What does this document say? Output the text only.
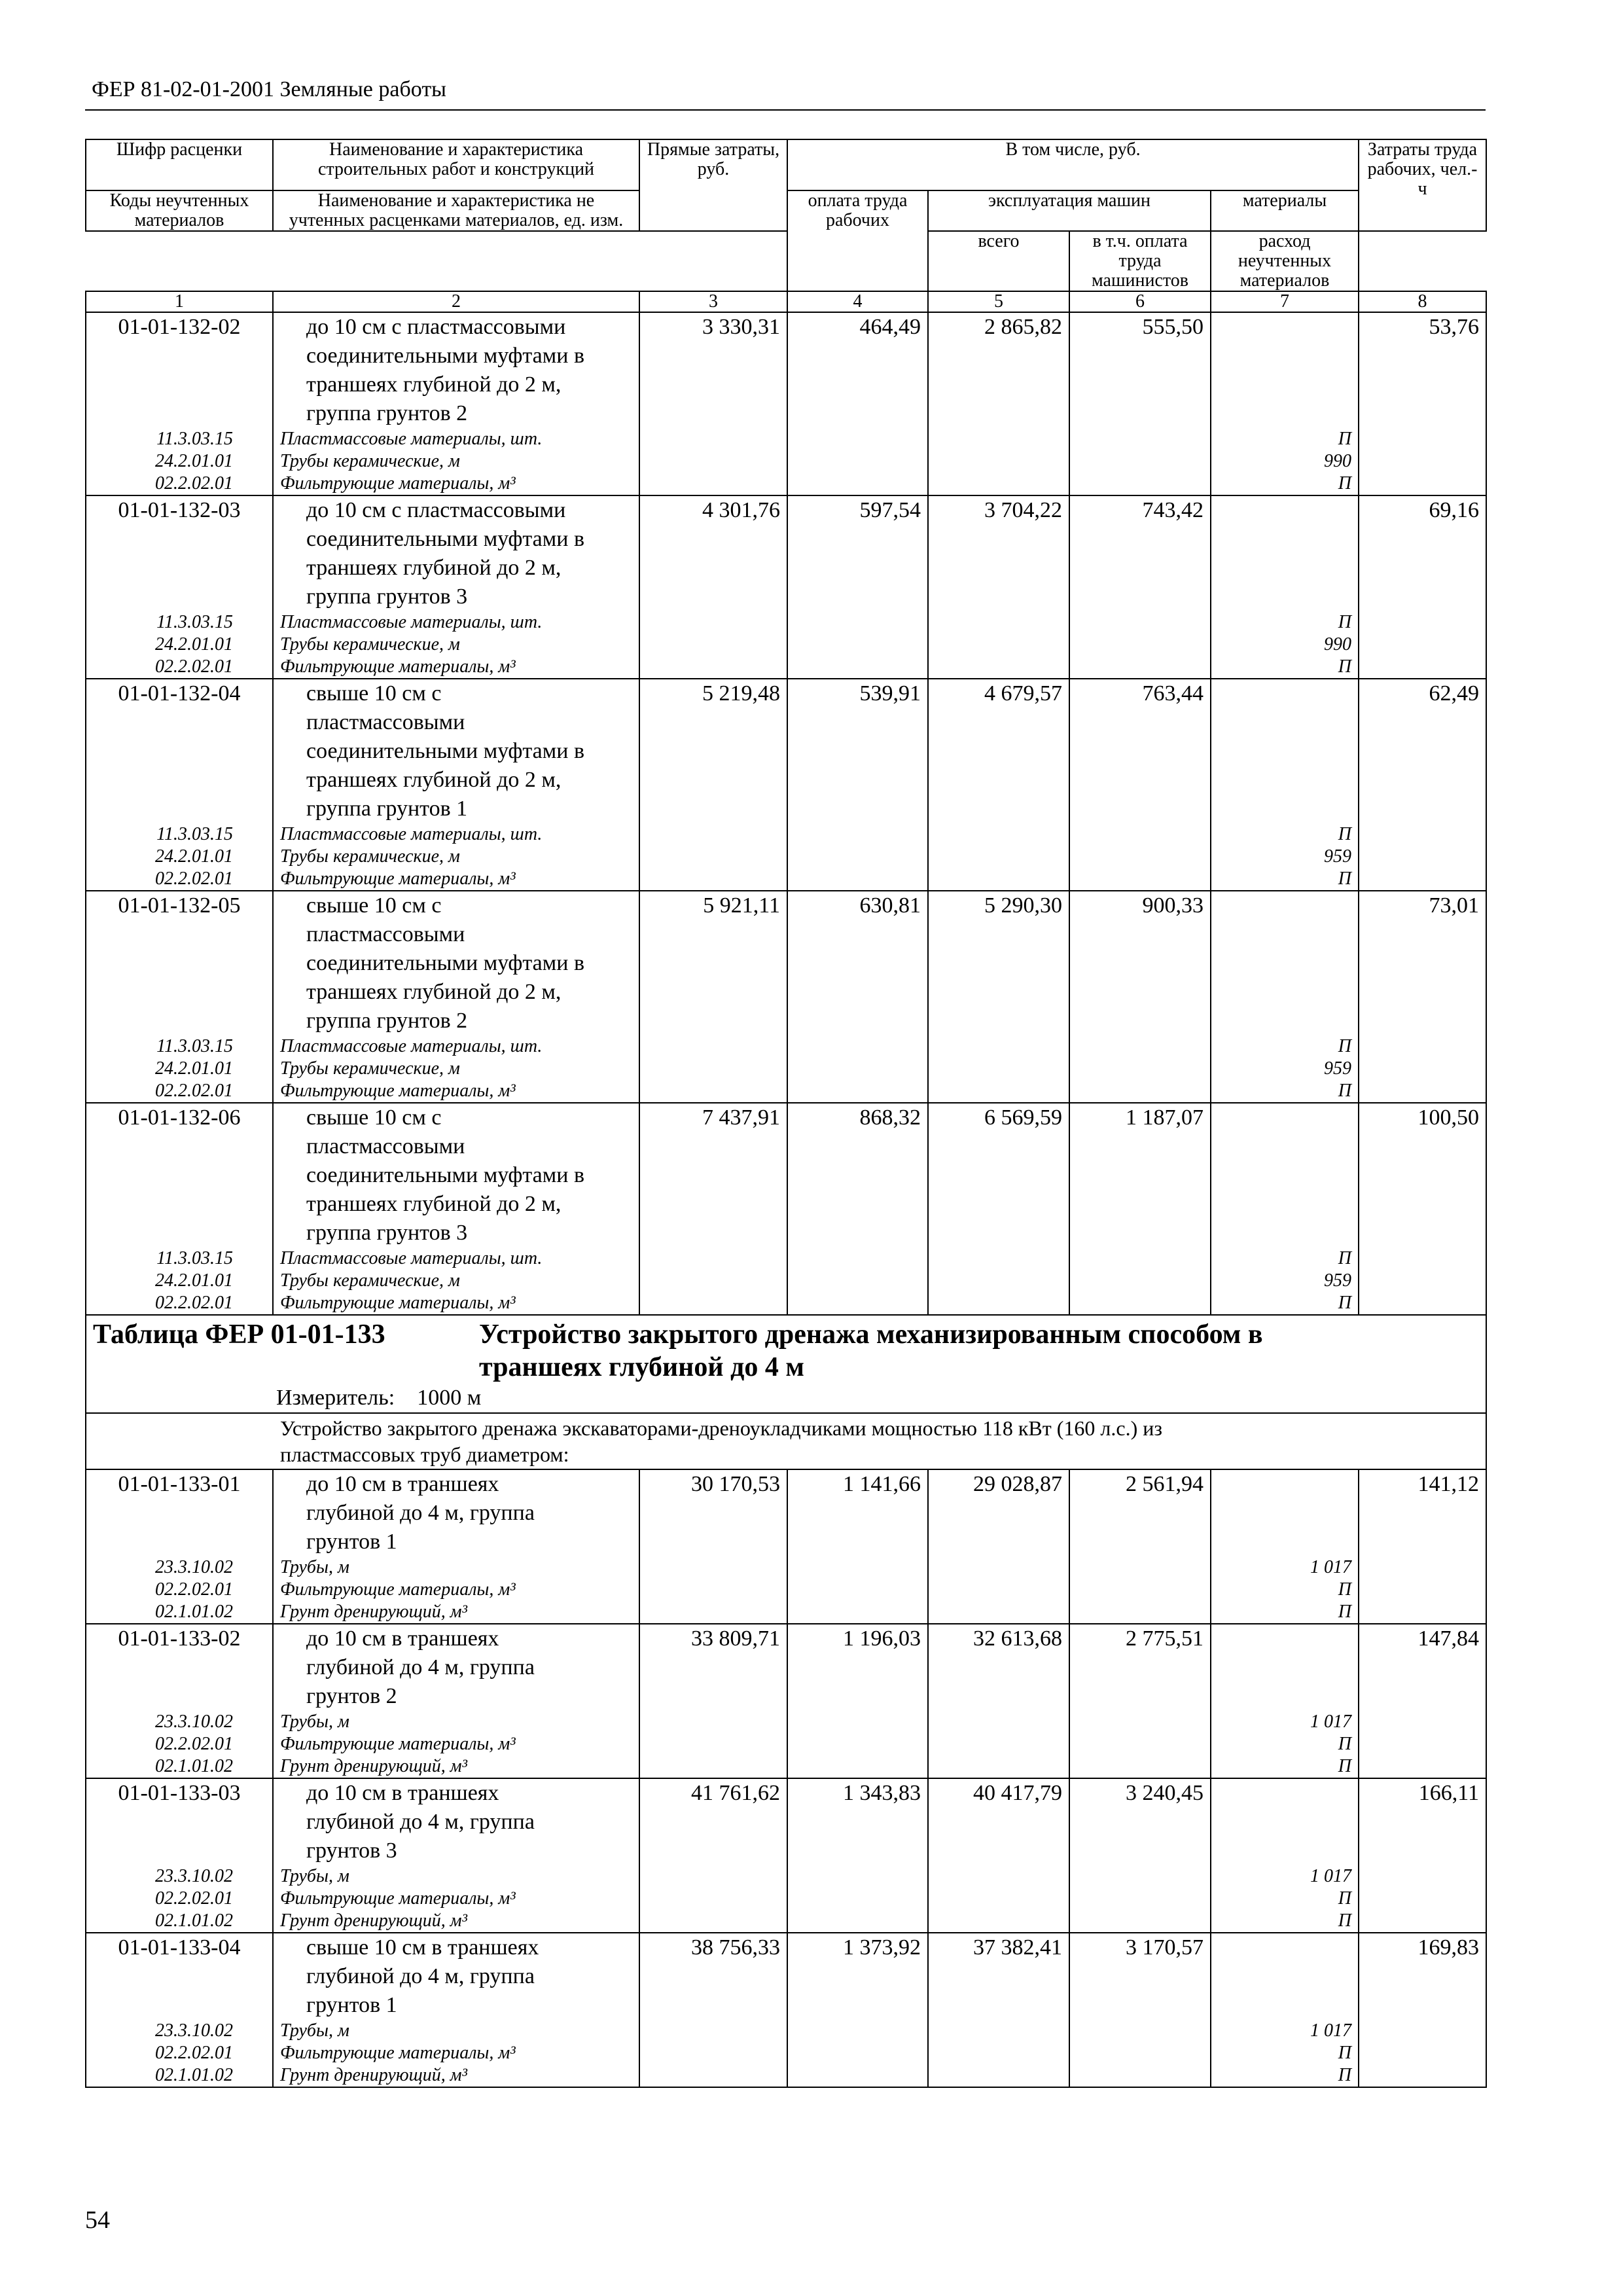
ФЕР 81-02-01-2001 Земляные работы
Шифр расценки	Наименование и характеристика строительных работ и конструкций	Прямые затраты, руб.	В том числе, руб.				Затраты труда рабочих, чел.-ч
Коды неучтенных материалов	Наименование и характеристика не учтенных расценками материалов, ед. изм.						
			оплата труда рабочих	эксплуатация машин		материалы	
				всего	в т.ч. оплата труда машинистов	расход неучтенных материалов	
1	2	3	4	5	6	7	8
01-01-132-02	до 10 см с пластмассовыми
соединительными муфтами в
траншеях глубиной до 2 м,
группа грунтов 2	3 330,31	464,49	2 865,82	555,50		53,76
11.3.03.15	Пластмассовые материалы, шт.					П	
24.2.01.01	Трубы керамические, м					990	
02.2.02.01	Фильтрующие материалы, м³					П	
01-01-132-03	до 10 см с пластмассовыми
соединительными муфтами в
траншеях глубиной до 2 м,
группа грунтов 3	4 301,76	597,54	3 704,22	743,42		69,16
11.3.03.15	Пластмассовые материалы, шт.					П	
24.2.01.01	Трубы керамические, м					990	
02.2.02.01	Фильтрующие материалы, м³					П	
01-01-132-04	свыше 10 см с
пластмассовыми
соединительными муфтами в
траншеях глубиной до 2 м,
группа грунтов 1	5 219,48	539,91	4 679,57	763,44		62,49
11.3.03.15	Пластмассовые материалы, шт.					П	
24.2.01.01	Трубы керамические, м					959	
02.2.02.01	Фильтрующие материалы, м³					П	
01-01-132-05	свыше 10 см с
пластмассовыми
соединительными муфтами в
траншеях глубиной до 2 м,
группа грунтов 2	5 921,11	630,81	5 290,30	900,33		73,01
11.3.03.15	Пластмассовые материалы, шт.					П	
24.2.01.01	Трубы керамические, м					959	
02.2.02.01	Фильтрующие материалы, м³					П	
01-01-132-06	свыше 10 см с
пластмассовыми
соединительными муфтами в
траншеях глубиной до 2 м,
группа грунтов 3	7 437,91	868,32	6 569,59	1 187,07		100,50
11.3.03.15	Пластмассовые материалы, шт.					П	
24.2.01.01	Трубы керамические, м					959	
02.2.02.01	Фильтрующие материалы, м³					П	

Таблица ФЕР 01-01-133 Устройство закрытого дренажа механизированным способом в
траншеях глубиной до 4 м							

Измеритель: 1000 м							

Устройство закрытого дренажа экскаваторами-дреноукладчиками мощностью 118 кВт (160 л.с.) из
пластмассовых труб диаметром:							

01-01-133-01	до 10 см в траншеях
глубиной до 4 м, группа
грунтов 1	30 170,53	1 141,66	29 028,87	2 561,94		141,12
23.3.10.02	Трубы, м					1 017	
02.2.02.01	Фильтрующие материалы, м³					П	
02.1.01.02	Грунт дренирующий, м³					П	
01-01-133-02	до 10 см в траншеях
глубиной до 4 м, группа
грунтов 2	33 809,71	1 196,03	32 613,68	2 775,51		147,84
23.3.10.02	Трубы, м					1 017	
02.2.02.01	Фильтрующие материалы, м³					П	
02.1.01.02	Грунт дренирующий, м³					П	
01-01-133-03	до 10 см в траншеях
глубиной до 4 м, группа
грунтов 3	41 761,62	1 343,83	40 417,79	3 240,45		166,11
23.3.10.02	Трубы, м					1 017	
02.2.02.01	Фильтрующие материалы, м³					П	
02.1.01.02	Грунт дренирующий, м³					П	
01-01-133-04	свыше 10 см в траншеях
глубиной до 4 м, группа
грунтов 1	38 756,33	1 373,92	37 382,41	3 170,57		169,83
23.3.10.02	Трубы, м					1 017	
02.2.02.01	Фильтрующие материалы, м³					П	
02.1.01.02	Грунт дренирующий, м³					П	
54
